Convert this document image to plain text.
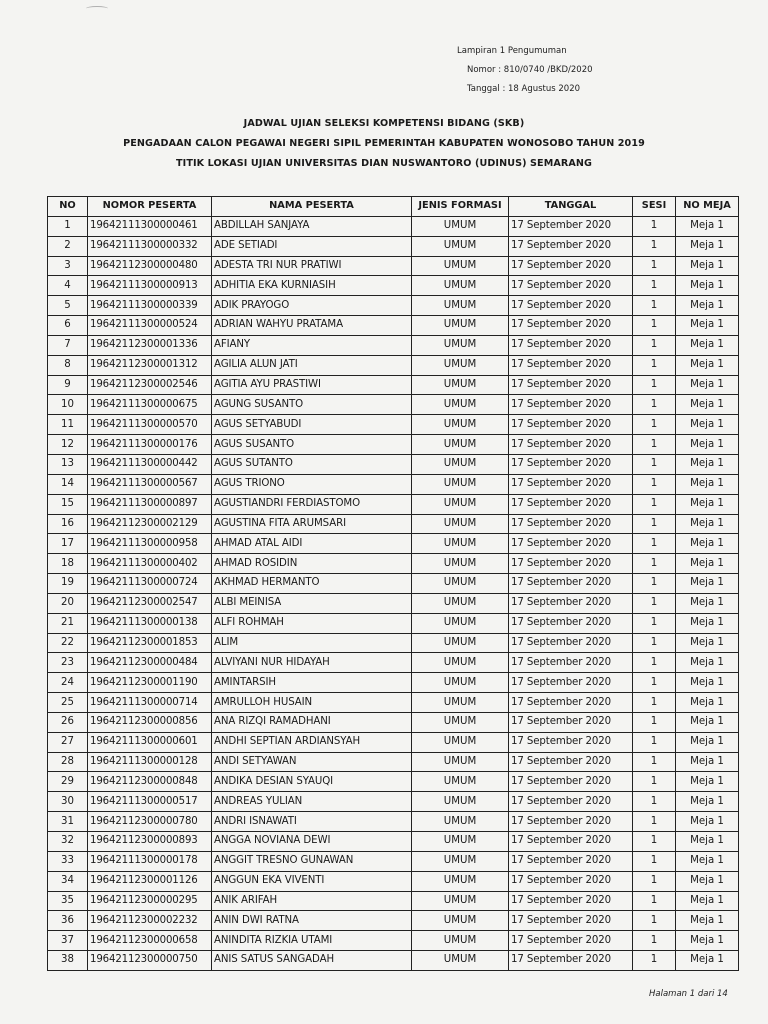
Lampiran 1 Pengumuman
Nomor : 810/0740 /BKD/2020
Tanggal : 18 Agustus 2020
JADWAL UJIAN SELEKSI KOMPETENSI BIDANG (SKB)
PENGADAAN CALON PEGAWAI NEGERI SIPIL PEMERINTAH KABUPATEN WONOSOBO TAHUN 2019
TITIK LOKASI UJIAN UNIVERSITAS DIAN NUSWANTORO (UDINUS) SEMARANG
NO	NOMOR PESERTA	NAMA PESERTA	JENIS FORMASI	TANGGAL	SESI	NO MEJA
1	19642111300000461	ABDILLAH SANJAYA	UMUM	17 September 2020	1	Meja 1
2	19642111300000332	ADE SETIADI	UMUM	17 September 2020	1	Meja 1
3	19642112300000480	ADESTA TRI NUR PRATIWI	UMUM	17 September 2020	1	Meja 1
4	19642111300000913	ADHITIA EKA KURNIASIH	UMUM	17 September 2020	1	Meja 1
5	19642111300000339	ADIK PRAYOGO	UMUM	17 September 2020	1	Meja 1
6	19642111300000524	ADRIAN WAHYU PRATAMA	UMUM	17 September 2020	1	Meja 1
7	19642112300001336	AFIANY	UMUM	17 September 2020	1	Meja 1
8	19642112300001312	AGILIA ALUN JATI	UMUM	17 September 2020	1	Meja 1
9	19642112300002546	AGITIA AYU PRASTIWI	UMUM	17 September 2020	1	Meja 1
10	19642111300000675	AGUNG SUSANTO	UMUM	17 September 2020	1	Meja 1
11	19642111300000570	AGUS SETYABUDI	UMUM	17 September 2020	1	Meja 1
12	19642111300000176	AGUS SUSANTO	UMUM	17 September 2020	1	Meja 1
13	19642111300000442	AGUS SUTANTO	UMUM	17 September 2020	1	Meja 1
14	19642111300000567	AGUS TRIONO	UMUM	17 September 2020	1	Meja 1
15	19642111300000897	AGUSTIANDRI FERDIASTOMO	UMUM	17 September 2020	1	Meja 1
16	19642112300002129	AGUSTINA FITA ARUMSARI	UMUM	17 September 2020	1	Meja 1
17	19642111300000958	AHMAD ATAL AIDI	UMUM	17 September 2020	1	Meja 1
18	19642111300000402	AHMAD ROSIDIN	UMUM	17 September 2020	1	Meja 1
19	19642111300000724	AKHMAD HERMANTO	UMUM	17 September 2020	1	Meja 1
20	19642112300002547	ALBI MEINISA	UMUM	17 September 2020	1	Meja 1
21	19642111300000138	ALFI ROHMAH	UMUM	17 September 2020	1	Meja 1
22	19642112300001853	ALIM	UMUM	17 September 2020	1	Meja 1
23	19642112300000484	ALVIYANI NUR HIDAYAH	UMUM	17 September 2020	1	Meja 1
24	19642112300001190	AMINTARSIH	UMUM	17 September 2020	1	Meja 1
25	19642111300000714	AMRULLOH HUSAIN	UMUM	17 September 2020	1	Meja 1
26	19642112300000856	ANA RIZQI RAMADHANI	UMUM	17 September 2020	1	Meja 1
27	19642111300000601	ANDHI SEPTIAN ARDIANSYAH	UMUM	17 September 2020	1	Meja 1
28	19642111300000128	ANDI SETYAWAN	UMUM	17 September 2020	1	Meja 1
29	19642112300000848	ANDIKA DESIAN SYAUQI	UMUM	17 September 2020	1	Meja 1
30	19642111300000517	ANDREAS YULIAN	UMUM	17 September 2020	1	Meja 1
31	19642112300000780	ANDRI ISNAWATI	UMUM	17 September 2020	1	Meja 1
32	19642112300000893	ANGGA NOVIANA DEWI	UMUM	17 September 2020	1	Meja 1
33	19642111300000178	ANGGIT TRESNO GUNAWAN	UMUM	17 September 2020	1	Meja 1
34	19642112300001126	ANGGUN EKA VIVENTI	UMUM	17 September 2020	1	Meja 1
35	19642112300000295	ANIK ARIFAH	UMUM	17 September 2020	1	Meja 1
36	19642112300002232	ANIN DWI RATNA	UMUM	17 September 2020	1	Meja 1
37	19642112300000658	ANINDITA RIZKIA UTAMI	UMUM	17 September 2020	1	Meja 1
38	19642112300000750	ANIS SATUS SANGADAH	UMUM	17 September 2020	1	Meja 1
Halaman 1 dari 14
